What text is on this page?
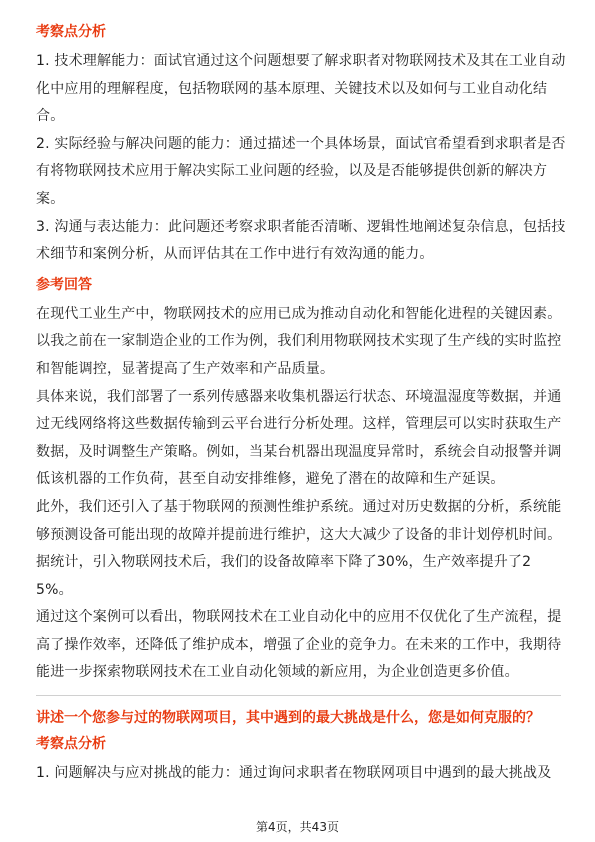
考察点分析

1. 技术理解能力：面试官通过这个问题想要了解求职者对物联网技术及其在工业自动化中应用的理解程度，包括物联网的基本原理、关键技术以及如何与工业自动化结合。

2. 实际经验与解决问题的能力：通过描述一个具体场景，面试官希望看到求职者是否有将物联网技术应用于解决实际工业问题的经验，以及是否能够提供创新的解决方案。

3. 沟通与表达能力：此问题还考察求职者能否清晰、逻辑性地阐述复杂信息，包括技术细节和案例分析，从而评估其在工作中进行有效沟通的能力。

参考回答

在现代工业生产中，物联网技术的应用已成为推动自动化和智能化进程的关键因素。以我之前在一家制造企业的工作为例，我们利用物联网技术实现了生产线的实时监控和智能调控，显著提高了生产效率和产品质量。

具体来说，我们部署了一系列传感器来收集机器运行状态、环境温湿度等数据，并通过无线网络将这些数据传输到云平台进行分析处理。这样，管理层可以实时获取生产数据，及时调整生产策略。例如，当某台机器出现温度异常时，系统会自动报警并调低该机器的工作负荷，甚至自动安排维修，避免了潜在的故障和生产延误。

此外，我们还引入了基于物联网的预测性维护系统。通过对历史数据的分析，系统能够预测设备可能出现的故障并提前进行维护，这大大减少了设备的非计划停机时间。据统计，引入物联网技术后，我们的设备故障率下降了30%，生产效率提升了25%。

通过这个案例可以看出，物联网技术在工业自动化中的应用不仅优化了生产流程，提高了操作效率，还降低了维护成本，增强了企业的竞争力。在未来的工作中，我期待能进一步探索物联网技术在工业自动化领域的新应用，为企业创造更多价值。

讲述一个您参与过的物联网项目，其中遇到的最大挑战是什么，您是如何克服的？
考察点分析

1. 问题解决与应对挑战的能力：通过询问求职者在物联网项目中遇到的最大挑战及

第4页，共43页
